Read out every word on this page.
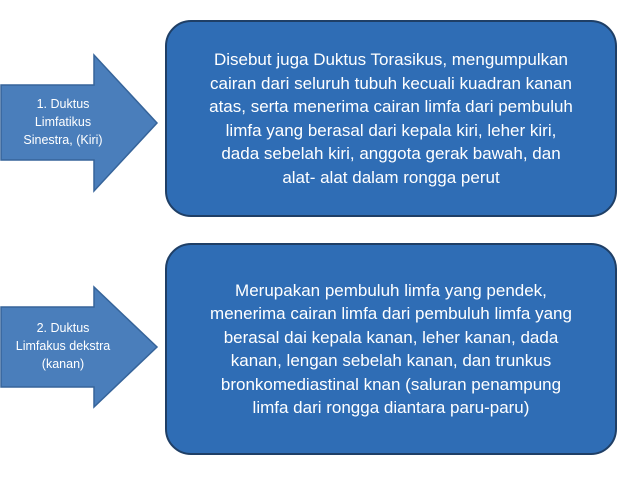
1. Duktus
Limfatikus
Sinestra, (Kiri)
Disebut juga Duktus Torasikus, mengumpulkan
cairan dari seluruh tubuh kecuali kuadran kanan
atas, serta menerima cairan limfa dari pembuluh
limfa yang berasal dari kepala kiri, leher kiri,
dada sebelah kiri, anggota gerak bawah, dan
alat- alat dalam rongga perut
2. Duktus
Limfakus dekstra
(kanan)
Merupakan pembuluh limfa yang pendek,
menerima cairan limfa dari pembuluh limfa yang
berasal dai kepala kanan, leher kanan, dada
kanan, lengan sebelah kanan, dan trunkus
bronkomediastinal knan (saluran penampung
limfa dari rongga diantara paru-paru)
